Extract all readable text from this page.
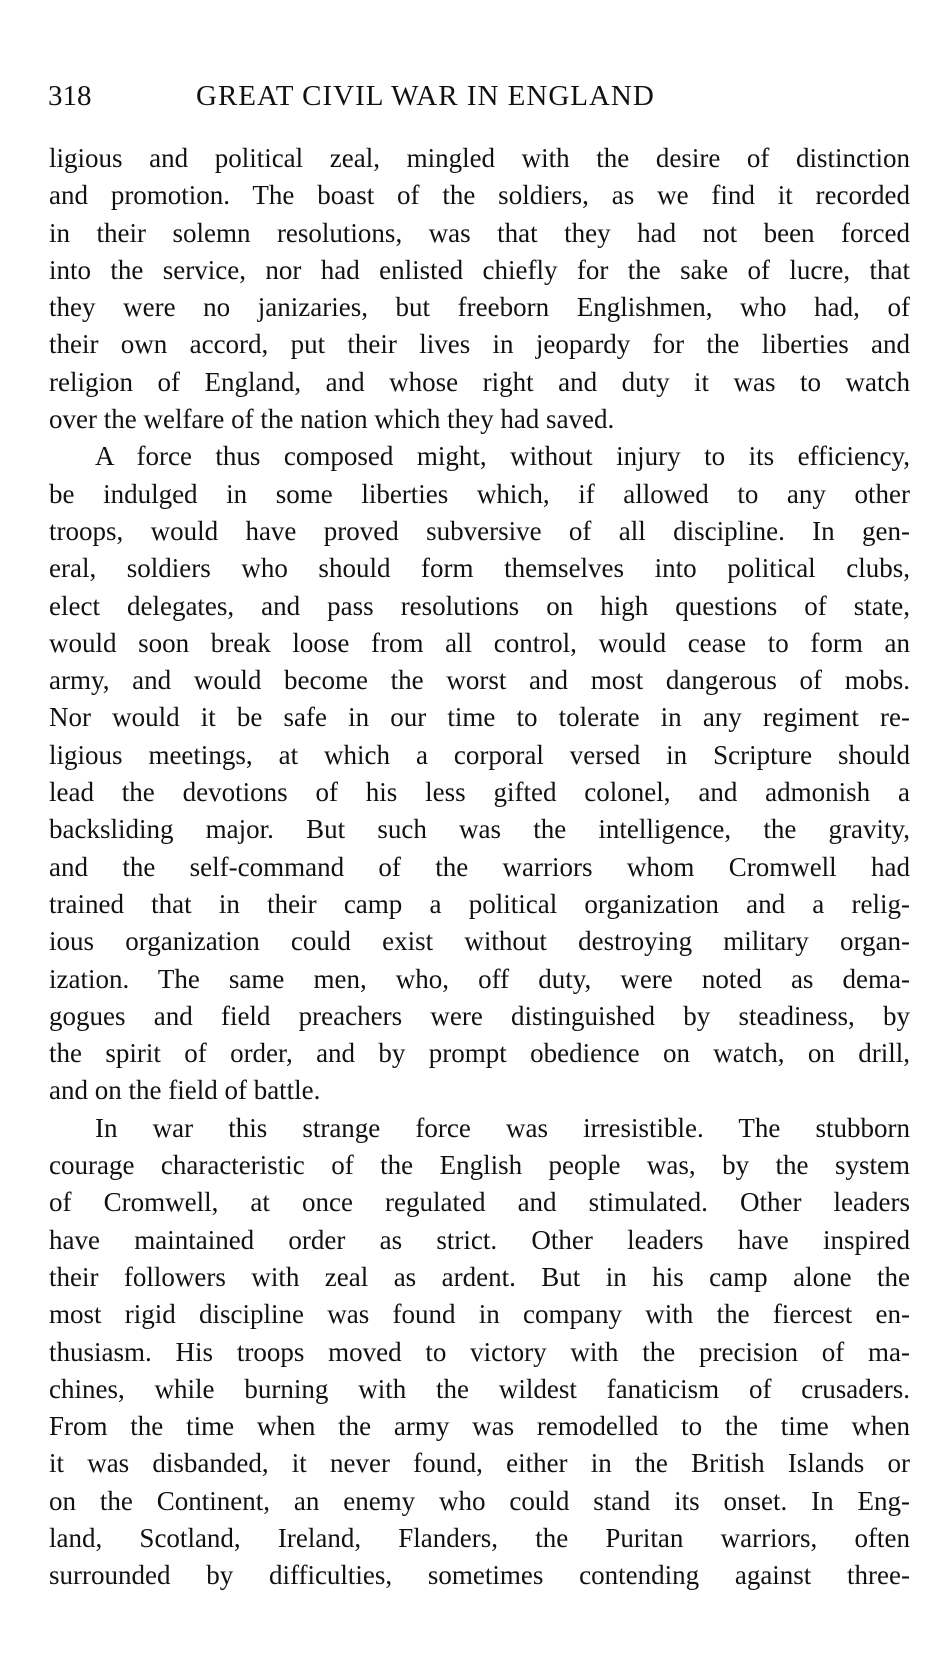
318	GREAT CIVIL WAR IN ENGLAND
ligious and political zeal, mingled with the desire of distinction
and promotion. The boast of the soldiers, as we find it recorded
in their solemn resolutions, was that they had not been forced
into the service, nor had enlisted chiefly for the sake of lucre, that
they were no janizaries, but freeborn Englishmen, who had, of
their own accord, put their lives in jeopardy for the liberties and
religion of England, and whose right and duty it was to watch
over the welfare of the nation which they had saved.
A force thus composed might, without injury to its efficiency,
be indulged in some liberties which, if allowed to any other
troops, would have proved subversive of all discipline. In gen-
eral, soldiers who should form themselves into political clubs,
elect delegates, and pass resolutions on high questions of state,
would soon break loose from all control, would cease to form an
army, and would become the worst and most dangerous of mobs.
Nor would it be safe in our time to tolerate in any regiment re-
ligious meetings, at which a corporal versed in Scripture should
lead the devotions of his less gifted colonel, and admonish a
backsliding major. But such was the intelligence, the gravity,
and the self-command of the warriors whom Cromwell had
trained that in their camp a political organization and a relig-
ious organization could exist without destroying military organ-
ization. The same men, who, off duty, were noted as dema-
gogues and field preachers were distinguished by steadiness, by
the spirit of order, and by prompt obedience on watch, on drill,
and on the field of battle.
In war this strange force was irresistible. The stubborn
courage characteristic of the English people was, by the system
of Cromwell, at once regulated and stimulated. Other leaders
have maintained order as strict. Other leaders have inspired
their followers with zeal as ardent. But in his camp alone the
most rigid discipline was found in company with the fiercest en-
thusiasm. His troops moved to victory with the precision of ma-
chines, while burning with the wildest fanaticism of crusaders.
From the time when the army was remodelled to the time when
it was disbanded, it never found, either in the British Islands or
on the Continent, an enemy who could stand its onset. In Eng-
land, Scotland, Ireland, Flanders, the Puritan warriors, often
surrounded by difficulties, sometimes contending against three-
